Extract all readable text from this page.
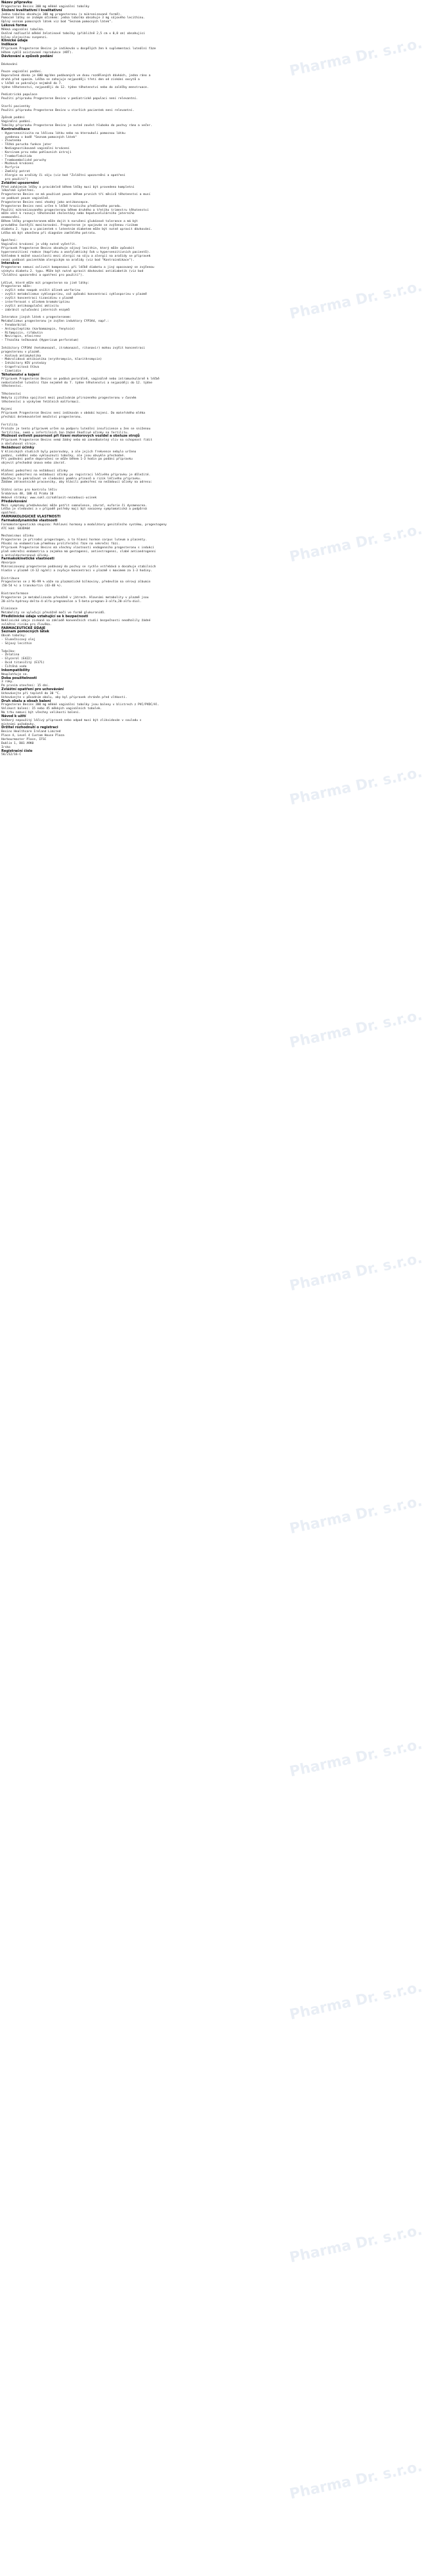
Název přípravku
Progesteron Besins 300 mg měkké vaginální tobolky
Složení kvalitativní i kvalitativní
Jedna tobolka obsahuje 300 mg progesteronu (v mikronizované formě).
Pomocné látky se známým účinkem: jedna tobolka obsahuje 3 mg sójového lecithinu.
Úplný seznam pomocných látek viz bod "Seznam pomocných látek".
Léková forma
Měkká vaginální tobolka.
Oválné nažloutlé měkké želatinové tobolky (přibližně 2,5 cm x 0,8 cm) obsahující
bílou olejovitou suspenzi.
Klinické údaje
Indikace
Přípravek Progesteron Besins je indikován u dospělých žen k suplementaci luteální fáze
během cyklů asistované reprodukce (ART).
Dávkování a způsob podání
Dávkování
Pouze vaginální podání.
Doporučená dávka je 600 mg/den podávaných ve dvou rozdělených dávkách, jedna ráno a
druhá před spaním. Léčba se zahajuje nejpozději třetí den od získání oocytů a
v léčbě se pokračuje nejméně do 7.
týdne těhotenství, nejpozději do 12. týdne těhotenství nebo do zaléčby menstruace.
Pediatrická populace
Použití přípravku Progesteron Besins v pediatrické populaci není relevantní.
Starší pacientky
Použití přípravku Progesteron Besins u starších pacientek není relevantní.
Způsob podání
Vaginální podání.
Tobolky přípravku Progesteron Besins je nutné zavést hluboko do pochvy ráno a večer.
Kontraindikace
- Hypersenzitivita na léčivou látku nebo na kteroukoli pomocnou látku
uvedenou v bodě "Seznam pomocných látek"
- Žloutenka
- Těžká porucha funkce jater
- Nediagnostikované vaginální krvácení
- Karcinom prsu nebo pohlavních ústrojí
- Tromboflebitida
- Tromboembolické poruchy
- Mozková krvácení
- Porfyrie
- Zamlklý potrat
- Alergie na arašídy či sóju (viz bod "Zvláštní upozornění a opatření
pro použití")
Zvláštní upozornění
Před zahájením léčby a pravidelně během léčby musí být provedeno kompletní
lékařské vyšetření.
Progesteron Besins se má používat pouze během prvních tří měsíců těhotenství a musí
se podávat pouze vaginálně.
Progesteron Besins není vhodný jako antikoncepce.
Progesteron Besins není určen k léčbě hrozícího předčasného porodu.
Použití mikronizovaného progesteronu během druhého a třetího trimestru těhotenství
může vést k rozvoji těhotenské cholestázy nebo hepatocelulárního jaterního
onemocnění.
Během léčby progesteronem může dojít k narušení glukózové tolerance a má být
prováděno častější monitorování. Progesteron je spojován se zvýšenou rizikem
diabetu 2. typu a u pacientek s latentním diabetem může být nutné upravit dávkování.
Léčba má být ukončena při diagnóze zamlklého potratu.
Opatření:
Vaginální krvácení je vždy nutné vyšetřit.
Přípravek Progesteron Besins obsahuje sójový lecithin, který může způsobit
hypersenzitivní reakce (kopřivku a anafylaktický šok u hypersenzitivních pacientů).
Vzhledem k možné souvislosti mezi alergií na sóju a alergií na arašídy se přípravek
nesmí podávat pacientkám alergickým na arašídy (viz bod "Kontraindikace").
Interakce
Progesteron nemusí ovlivnit kompenzaci při léčbě diabetu a jiný opacovaný se zvýšenou
výskytu diabetu 2. typu. Může být nutné upravit dávkování antidiabetik (viz bod
"Zvláštní upozornění a opatření pro použití").
Léčivé, které může mít progesteron na jiné látky:
Progesteron může:
- zvýšit nebo naopak snížit účinek warfarinu
- zvýšit metabolismus cyklosporinu, což způsobí koncentraci cyklosporinu v plazmě
- zvýšit koncentraci tizanidinu v plazmě
- interferovat s účinkem bromokriptinu
- zvýšit antikoagulační aktivitu
- zabránit vylučování jaterních enzymů
Interakce jiných látek s progesteronem:
Metabolizmus progesteronu je zvýšen induktory CYP3A4, např.:
- Fenobarbital
- Antiepileptika (karbamazepin, fenytoin)
- Rifampicin, rifabutin
- Nevirapin, efavirenz
- Třezalka tečkovaná (Hypericum perforatum)
Inhibitory CYP3A4 (ketokonazol, itrakonazol, ritonavir) mohou zvýšit koncentraci
progesteronu v plazmě.
- Azolová antimykotika
- Makrolidová antibiotika (erythromycin, klarithromycin)
- Inhibitory HIV proteázy
- Grapefruitová šťáva
- Cimetidin
Těhotenství a kojení
Přípravek Progesteron Besins se podává perorálně, vaginálně nebo intramuskulárně k léčbě
nedostatečné luteální fáze nejméně do 7. týdne těhotenství a nejpozději do 12. týdne
těhotenství.
Těhotenství
Nebyla zjištěna spojitost mezi používáním přirozeného progesteronu v časném
těhotenství a výskytem fetálních malformací.
Kojení
Přípravek Progesteron Besins není indikován v období kojení. Do mateřského mléka
přechází detekovatelné množství progesteronu.
Fertilita
Protože je tento přípravek určen na podporu luteální insuficience u žen se sníženou
fertilitou, nemá u infertilních žen žádné škodlivé účinky na fertilitu.
Možnost ovlivnit pozornost při řízení motorových vozidel a obsluze strojů
Přípravek Progesteron Besins nemá žádný nebo má zanedbatelný vliv na schopnost řídit
a obsluhovat stroje.
Nežádoucí účinky
V klinických studiích byly pozorovány, a ale jejich frekvence nebylo určeno
podání, svědění nebo vyklouznutí tobolky, ale jsou obvykle přechodné.
Při podávání podle doporučení se může během 1-3 hodin po podání přípravku
objevit přechodná únava nebo závrať.
Hlášení podezření na nežádoucí účinky
Hlášení podezření na nežádoucí účinky po registraci léčivého přípravku je důležité.
Umožňuje to pokračovat ve sledování poměru přínosů a rizik léčivého přípravku.
Žádáme zdravotnické pracovníky, aby hlásili podezření na nežádoucí účinky na adresu:
Státní ústav pro kontrolu léčiv
Šrobárova 48, 100 41 Praha 10
Webové stránky: www.sukl.cz/nahlasit-nezadouci-ucinek
Předávkování
Mezi symptomy předávkování může patřit somnolence, závrať, euforie či dysmenorea.
Léčba je sledování a v případě potřeby mají být nasazeny symptomatická a podpůrná
opatření.
FARMAKOLOGICKÉ VLASTNOSTI
Farmakodynamické vlastnosti
Farmakoterapeutická skupina: Pohlavní hormony a modulátory genitálního systému, progestogeny
ATC kód: G03DA04
Mechanismus účinku
Progesteron je přírodní progestogen, a to hlavní hormon corpus luteum a placenty.
Působí na endometrium přeměnou proliferační fáze na sekreční fázi.
Přípravek Progesteron Besins má všechny vlastnosti endogenního progesteronu s indukcí
plně sekreční endometria a zejména má gestagenní, antiestrogenní, slabé antiandrogenní
a antialdosteronové účinky.
Farmakokinetické vlastnosti
Absorpce
Mikronizovaný progesteron podávaný do pochvy se rychle vstřebává a dosahuje stabilních
hladin v plazmě (4-12 ng/ml) a zvyšuje koncentraci v plazmě s maximem za 1-3 hodiny.
Distribuce
Progesteron se z 96-99 % váže na plazmatické bílkoviny, především na sérový albumin
(50-54 %) a transkortin (43-48 %).
Biotransformace
Progesteron je metabolizován převážně v játrech. Hlavními metabolity v plazmě jsou
20-alfa-hydroxy-delta-4-alfa-pregnanolon a 5-beta-pregnan-3-alfa,20-alfa-diol.
Eliminace
Metabolity se vylučují převážně močí ve formě glukuronidů.
Předklinické údaje vztahující se k bezpečnosti
Neklinické údaje získané na základě konvenčních studií bezpečnosti neodhalily žádné
zvláštní riziko pro člověka.
FARMACEUTICKÉ ÚDAJE
Seznam pomocných látek
Obsah tobolky:
- Slunečnicový olej
- Sójový lecithin
Tobolka:
- Želatina
- Glycerol (E422)
- Oxid titaničitý (E171)
- Čištěná voda
Inkompatibility
Neuplatňuje se.
Doba použitelnosti
3 roky.
Po prvním otevření: 15 dní.
Zvláštní opatření pro uchovávání
Uchovávejte při teplotě do 30 °C.
Uchovávejte v původním obalu, aby byl přípravek chráněn před vlhkostí.
Druh obalu a obsah balení
Progesteron Besins 300 mg měkké vaginální tobolky jsou baleny v blistrech z PVC/PVDC/Al.
Velikost balení: 15 nebo 45 měkkých vaginálních tobolek.
Na trhu nemusí být všechny velikosti balení.
Návod k užití
Veškerý nepoužitý léčivý přípravek nebo odpad musí být zlikvidován v souladu s
místními požadavky.
Držitel rozhodnutí o registraci
Besins Healthcare Ireland Limited
Place 4, Level 4 Custom House Plaza
Harbourmaster Place, IFSC
Dublin 1, D01 A9K0
Irsko
Registrační číslo
56/212/16-C
Pharma Dr. s.r.o.
Pharma Dr. s.r.o.
Pharma Dr. s.r.o.
Pharma Dr. s.r.o.
Pharma Dr. s.r.o.
Pharma Dr. s.r.o.
Pharma Dr. s.r.o.
Pharma Dr. s.r.o.
Pharma Dr. s.r.o.
Pharma Dr. s.r.o.
Pharma Dr. s.r.o.
